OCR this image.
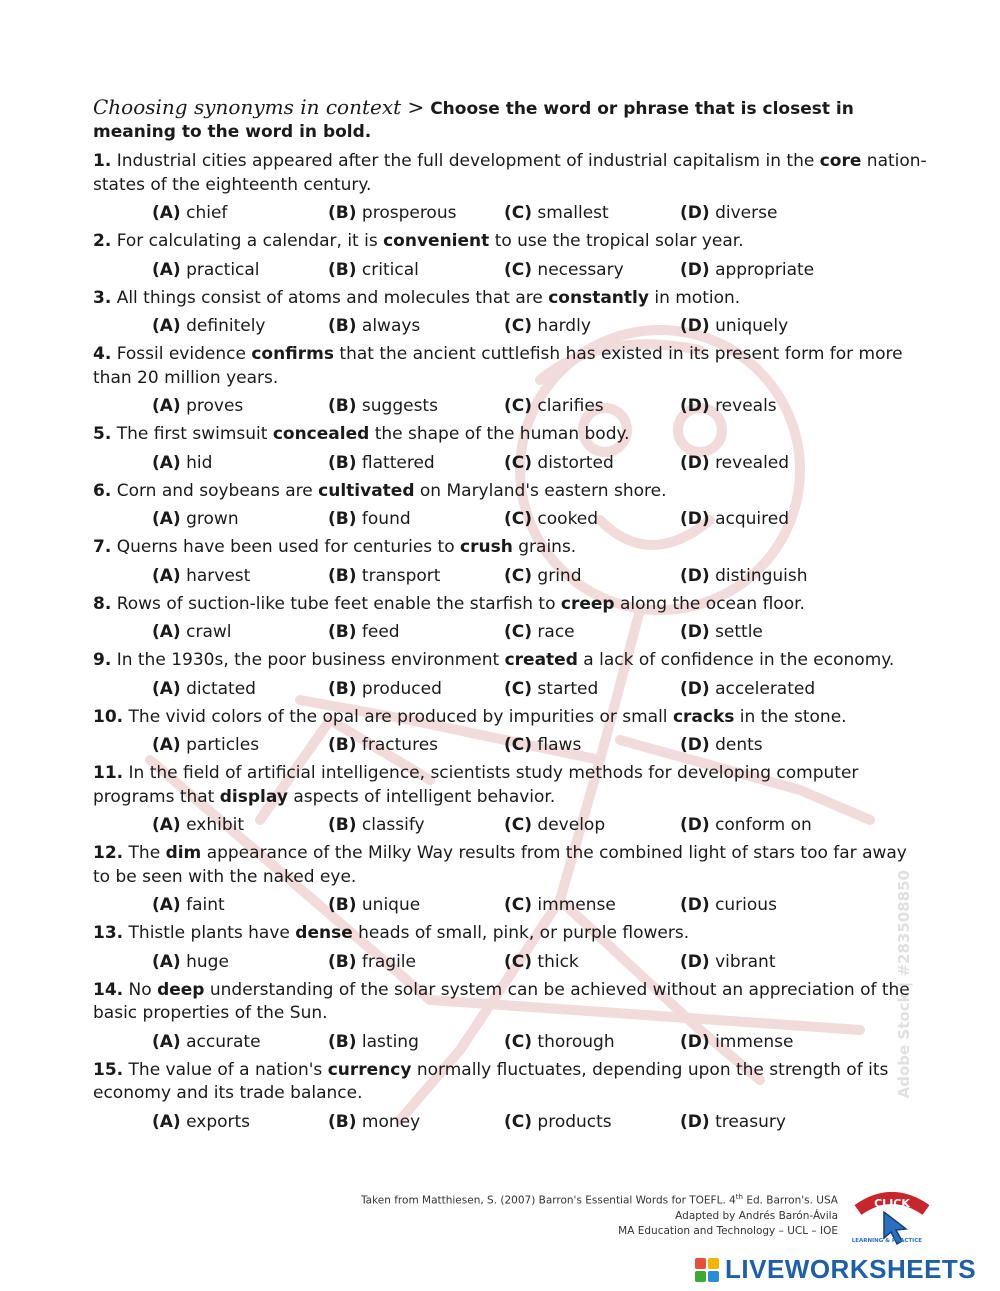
Adobe Stock | #283508850
Choosing synonyms in context > Choose the word or phrase that is closest in meaning to the word in bold.
1. Industrial cities appeared after the full development of industrial capitalism in the core nation-states of the eighteenth century.
(A) chief	(B) prosperous	(C) smallest	(D) diverse
2. For calculating a calendar, it is convenient to use the tropical solar year.
(A) practical	(B) critical	(C) necessary	(D) appropriate
3. All things consist of atoms and molecules that are constantly in motion.
(A) definitely	(B) always	(C) hardly	(D) uniquely
4. Fossil evidence confirms that the ancient cuttlefish has existed in its present form for more than 20 million years.
(A) proves	(B) suggests	(C) clarifies	(D) reveals
5. The first swimsuit concealed the shape of the human body.
(A) hid	(B) flattered	(C) distorted	(D) revealed
6. Corn and soybeans are cultivated on Maryland's eastern shore.
(A) grown	(B) found	(C) cooked	(D) acquired
7. Querns have been used for centuries to crush grains.
(A) harvest	(B) transport	(C) grind	(D) distinguish
8. Rows of suction-like tube feet enable the starfish to creep along the ocean floor.
(A) crawl	(B) feed	(C) race	(D) settle
9. In the 1930s, the poor business environment created a lack of confidence in the economy.
(A) dictated	(B) produced	(C) started	(D) accelerated
10. The vivid colors of the opal are produced by impurities or small cracks in the stone.
(A) particles	(B) fractures	(C) flaws	(D) dents
11. In the field of artificial intelligence, scientists study methods for developing computer programs that display aspects of intelligent behavior.
(A) exhibit	(B) classify	(C) develop	(D) conform on
12. The dim appearance of the Milky Way results from the combined light of stars too far away to be seen with the naked eye.
(A) faint	(B) unique	(C) immense	(D) curious
13. Thistle plants have dense heads of small, pink, or purple flowers.
(A) huge	(B) fragile	(C) thick	(D) vibrant
14. No deep understanding of the solar system can be achieved without an appreciation of the basic properties of the Sun.
(A) accurate	(B) lasting	(C) thorough	(D) immense
15. The value of a nation's currency normally fluctuates, depending upon the strength of its economy and its trade balance.
(A) exports	(B) money	(C) products	(D) treasury
Taken from Matthiesen, S. (2007) Barron's Essential Words for TOEFL. 4th Ed. Barron's. USA
Adapted by Andrés Barón-Ávila
MA Education and Technology – UCL – IOE
CLICK
LEARNING & PRACTICE
LIVEWORKSHEETS
